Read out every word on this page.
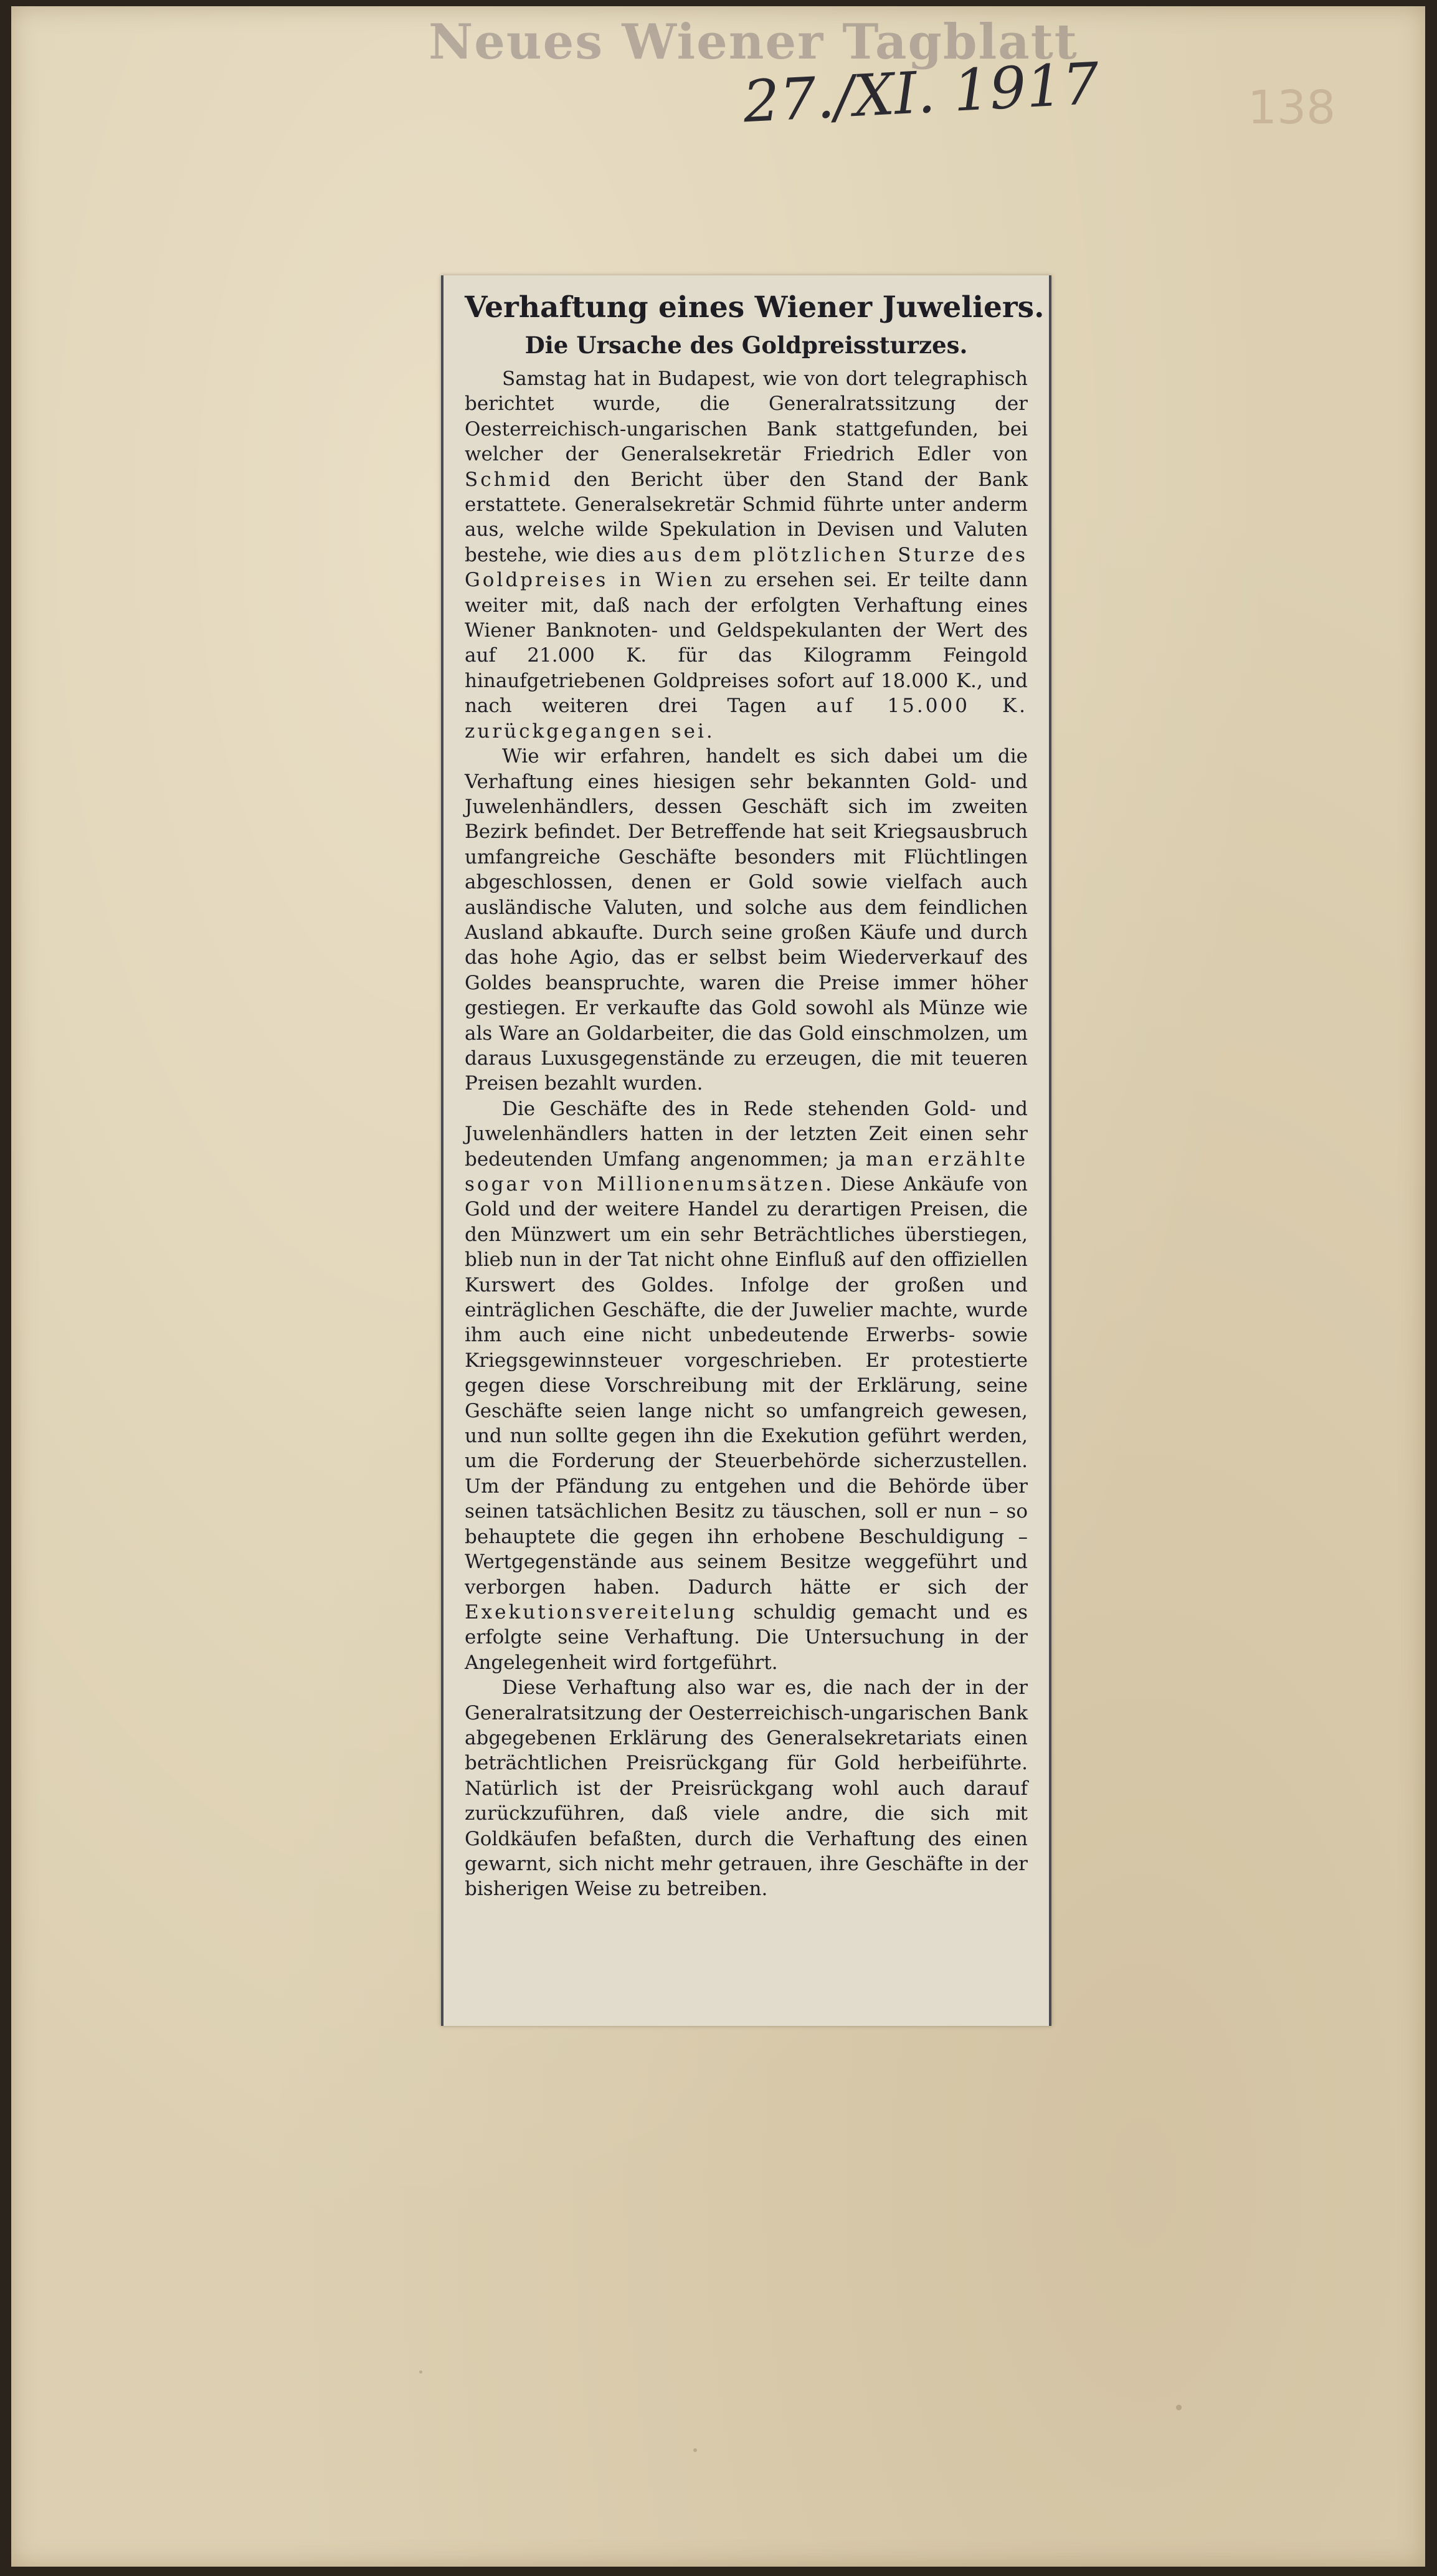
Neues Wiener Tagblatt
27./XI. 1917	138
Verhaftung eines Wiener Juweliers.
Die Ursache des Goldpreissturzes.

Samstag hat in Budapest, wie von dort telegraphisch berichtet wurde, die Generalratssitzung der Oesterreichisch-ungarischen Bank stattgefunden, bei welcher der Generalsekretär Friedrich Edler von Schmid den Bericht über den Stand der Bank erstattete. Generalsekretär Schmid führte unter anderm aus, welche wilde Spekulation in Devisen und Valuten bestehe, wie dies aus dem plötzlichen Sturze des Goldpreises in Wien zu ersehen sei. Er teilte dann weiter mit, daß nach der erfolgten Verhaftung eines Wiener Banknoten- und Geldspekulanten der Wert des auf 21.000 K. für das Kilogramm Feingold hinaufgetriebenen Goldpreises sofort auf 18.000 K., und nach weiteren drei Tagen auf 15.000 K. zurückgegangen sei.

Wie wir erfahren, handelt es sich dabei um die Verhaftung eines hiesigen sehr bekannten Gold- und Juwelenhändlers, dessen Geschäft sich im zweiten Bezirk befindet. Der Betreffende hat seit Kriegsausbruch umfangreiche Geschäfte besonders mit Flüchtlingen abgeschlossen, denen er Gold sowie vielfach auch ausländische Valuten, und solche aus dem feindlichen Ausland abkaufte. Durch seine großen Käufe und durch das hohe Agio, das er selbst beim Wiederverkauf des Goldes beanspruchte, waren die Preise immer höher gestiegen. Er verkaufte das Gold sowohl als Münze wie als Ware an Goldarbeiter, die das Gold einschmolzen, um daraus Luxusgegenstände zu erzeugen, die mit teueren Preisen bezahlt wurden.

Die Geschäfte des in Rede stehenden Gold- und Juwelenhändlers hatten in der letzten Zeit einen sehr bedeutenden Umfang angenommen; ja man erzählte sogar von Millionenumsätzen. Diese Ankäufe von Gold und der weitere Handel zu derartigen Preisen, die den Münzwert um ein sehr Beträchtliches überstiegen, blieb nun in der Tat nicht ohne Einfluß auf den offiziellen Kurswert des Goldes. Infolge der großen und einträglichen Geschäfte, die der Juwelier machte, wurde ihm auch eine nicht unbedeutende Erwerbs- sowie Kriegsgewinnsteuer vorgeschrieben. Er protestierte gegen diese Vorschreibung mit der Erklärung, seine Geschäfte seien lange nicht so umfangreich gewesen, und nun sollte gegen ihn die Exekution geführt werden, um die Forderung der Steuerbehörde sicherzustellen. Um der Pfändung zu entgehen und die Behörde über seinen tatsächlichen Besitz zu täuschen, soll er nun – so behauptete die gegen ihn erhobene Beschuldigung – Wertgegenstände aus seinem Besitze weggeführt und verborgen haben. Dadurch hätte er sich der Exekutionsvereitelung schuldig gemacht und es erfolgte seine Verhaftung. Die Untersuchung in der Angelegenheit wird fortgeführt.

Diese Verhaftung also war es, die nach der in der Generalratsitzung der Oesterreichisch-ungarischen Bank abgegebenen Erklärung des Generalsekretariats einen beträchtlichen Preisrückgang für Gold herbeiführte. Natürlich ist der Preisrückgang wohl auch darauf zurückzuführen, daß viele andre, die sich mit Goldkäufen befaßten, durch die Verhaftung des einen gewarnt, sich nicht mehr getrauen, ihre Geschäfte in der bisherigen Weise zu betreiben.
